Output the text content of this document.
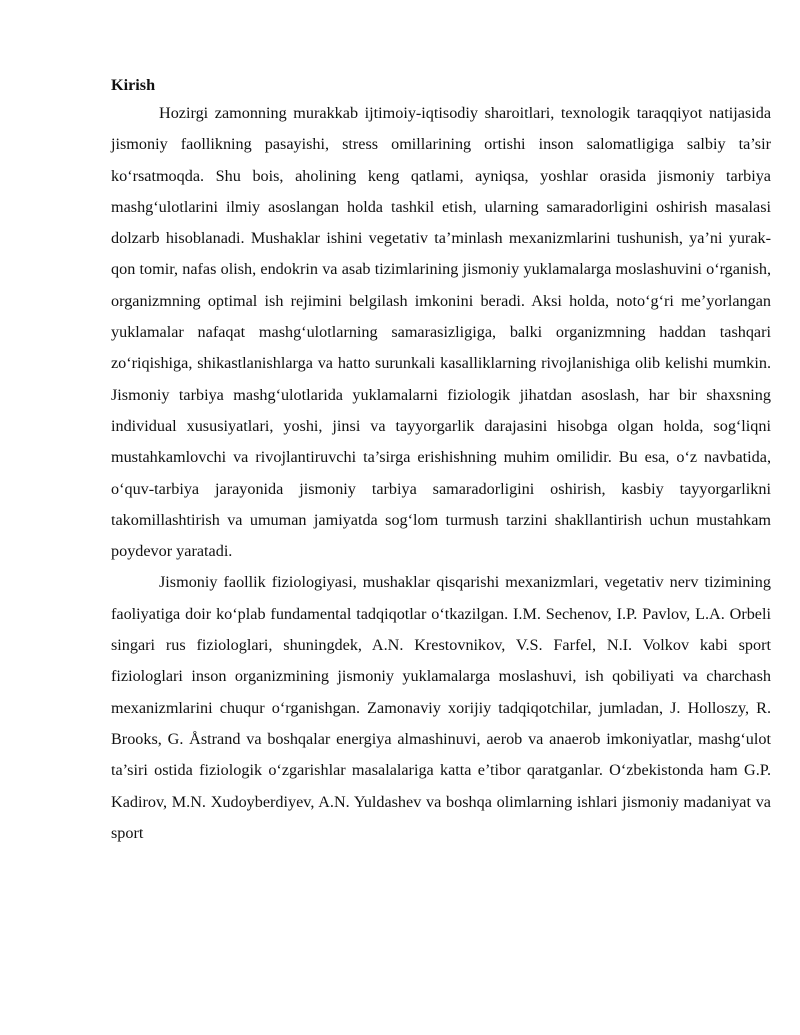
Kirish

Hozirgi zamonning murakkab ijtimoiy-iqtisodiy sharoitlari, texnologik taraqqiyot natijasida jismoniy faollikning pasayishi, stress omillarining ortishi inson salomatligiga salbiy ta’sir ko‘rsatmoqda. Shu bois, aholining keng qatlami, ayniqsa, yoshlar orasida jismoniy tarbiya mashg‘ulotlarini ilmiy asoslangan holda tashkil etish, ularning samaradorligini oshirish masalasi dolzarb hisoblanadi. Mushaklar ishini vegetativ ta’minlash mexanizmlarini tushunish, ya’ni yurak-qon tomir, nafas olish, endokrin va asab tizimlarining jismoniy yuklamalarga moslashuvini o‘rganish, organizmning optimal ish rejimini belgilash imkonini beradi. Aksi holda, noto‘g‘ri me’yorlangan yuklamalar nafaqat mashg‘ulotlarning samarasizligiga, balki organizmning haddan tashqari zo‘riqishiga, shikastlanishlarga va hatto surunkali kasalliklarning rivojlanishiga olib kelishi mumkin. Jismoniy tarbiya mashg‘ulotlarida yuklamalarni fiziologik jihatdan asoslash, har bir shaxsning individual xususiyatlari, yoshi, jinsi va tayyorgarlik darajasini hisobga olgan holda, sog‘liqni mustahkamlovchi va rivojlantiruvchi ta’sirga erishishning muhim omilidir. Bu esa, o‘z navbatida, o‘quv-tarbiya jarayonida jismoniy tarbiya samaradorligini oshirish, kasbiy tayyorgarlikni takomillashtirish va umuman jamiyatda sog‘lom turmush tarzini shakllantirish uchun mustahkam poydevor yaratadi.

Jismoniy faollik fiziologiyasi, mushaklar qisqarishi mexanizmlari, vegetativ nerv tizimining faoliyatiga doir ko‘plab fundamental tadqiqotlar o‘tkazilgan. I.M. Sechenov, I.P. Pavlov, L.A. Orbeli singari rus fiziologlari, shuningdek, A.N. Krestovnikov, V.S. Farfel, N.I. Volkov kabi sport fiziologlari inson organizmining jismoniy yuklamalarga moslashuvi, ish qobiliyati va charchash mexanizmlarini chuqur o‘rganishgan. Zamonaviy xorijiy tadqiqotchilar, jumladan, J. Holloszy, R. Brooks, G. Åstrand va boshqalar energiya almashinuvi, aerob va anaerob imkoniyatlar, mashg‘ulot ta’siri ostida fiziologik o‘zgarishlar masalalariga katta e’tibor qaratganlar. O‘zbekistonda ham G.P. Kadirov, M.N. Xudoyberdiyev, A.N. Yuldashev va boshqa olimlarning ishlari jismoniy madaniyat va sport
